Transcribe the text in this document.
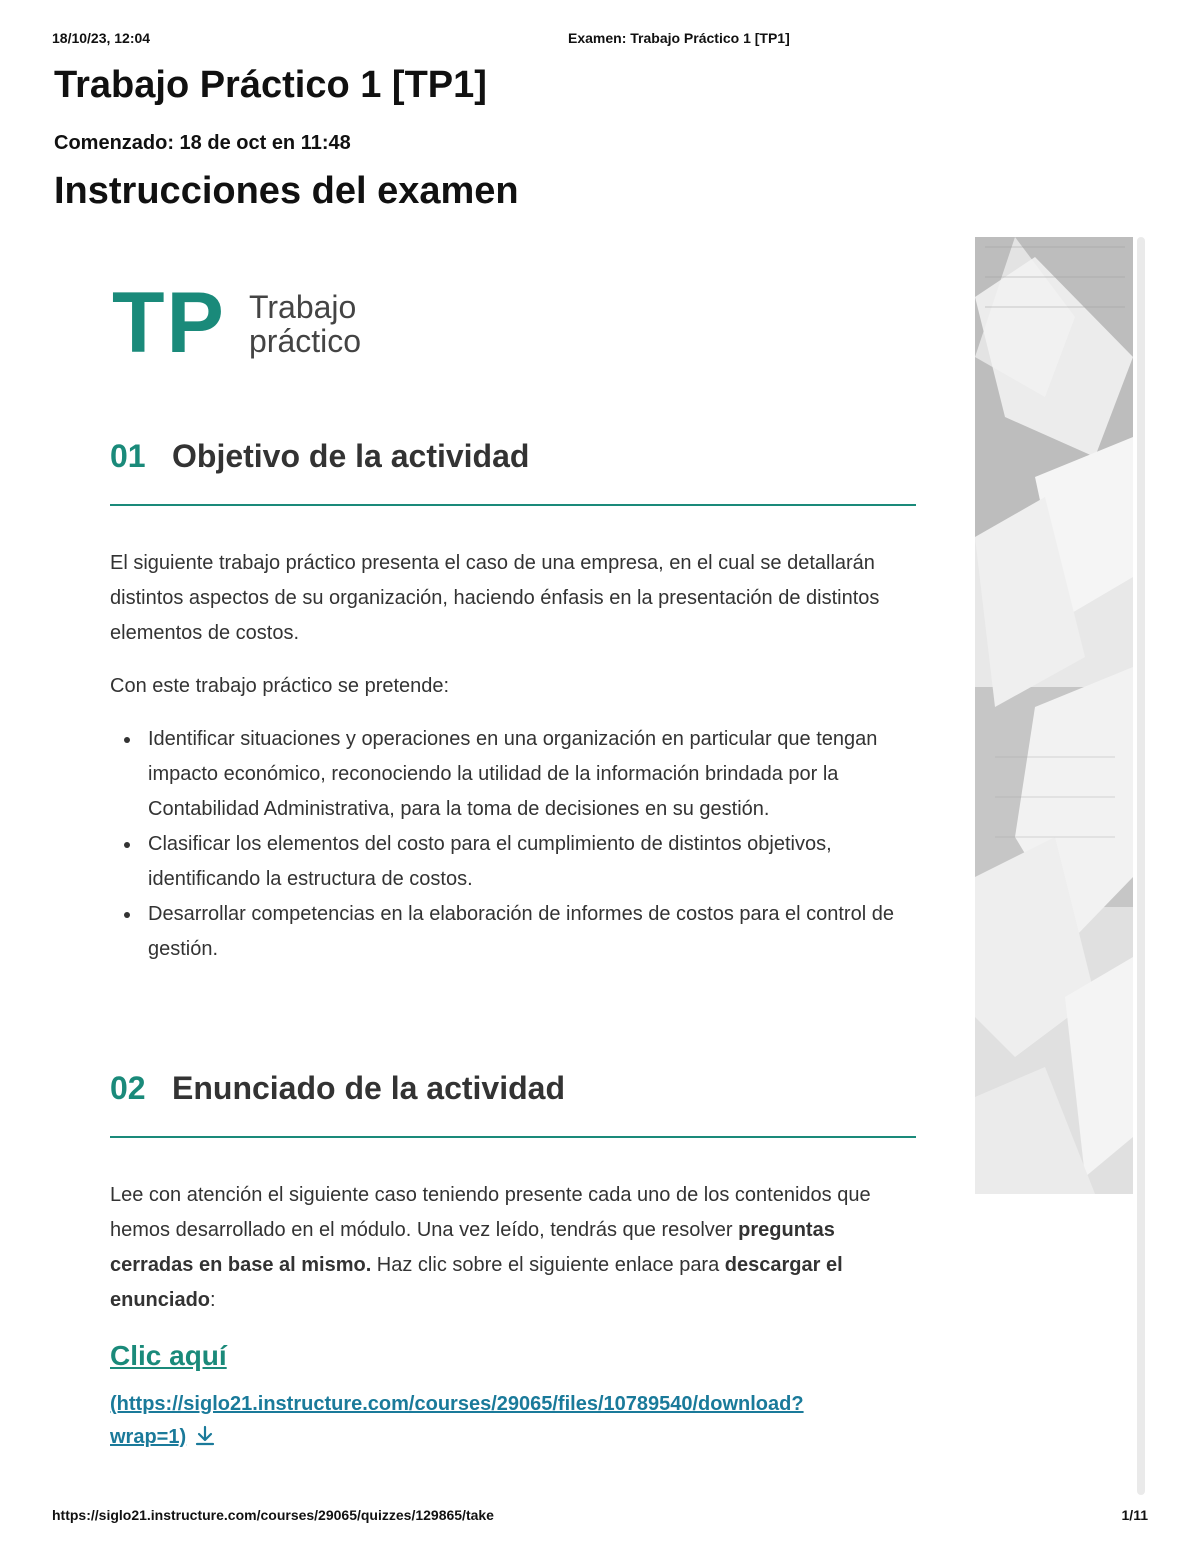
18/10/23, 12:04	Examen: Trabajo Práctico 1 [TP1]
Trabajo Práctico 1 [TP1]
Comenzado: 18 de oct en 11:48
Instrucciones del examen
TP Trabajo
práctico
01 Objetivo de la actividad

El siguiente trabajo práctico presenta el caso de una empresa, en el cual se detallarán distintos aspectos de su organización, haciendo énfasis en la presentación de distintos elementos de costos.

Con este trabajo práctico se pretende:

Identificar situaciones y operaciones en una organización en particular que tengan impacto económico, reconociendo la utilidad de la información brindada por la Contabilidad Administrativa, para la toma de decisiones en su gestión.
Clasificar los elementos del costo para el cumplimiento de distintos objetivos, identificando la estructura de costos.
Desarrollar competencias en la elaboración de informes de costos para el control de gestión.
02 Enunciado de la actividad

Lee con atención el siguiente caso teniendo presente cada uno de los contenidos que hemos desarrollado en el módulo. Una vez leído, tendrás que resolver preguntas cerradas en base al mismo. Haz clic sobre el siguiente enlace para descargar el enunciado:

Clic aquí
(https://siglo21.instructure.com/courses/29065/files/10789540/download?wrap=1)
https://siglo21.instructure.com/courses/29065/quizzes/129865/take	1/11
